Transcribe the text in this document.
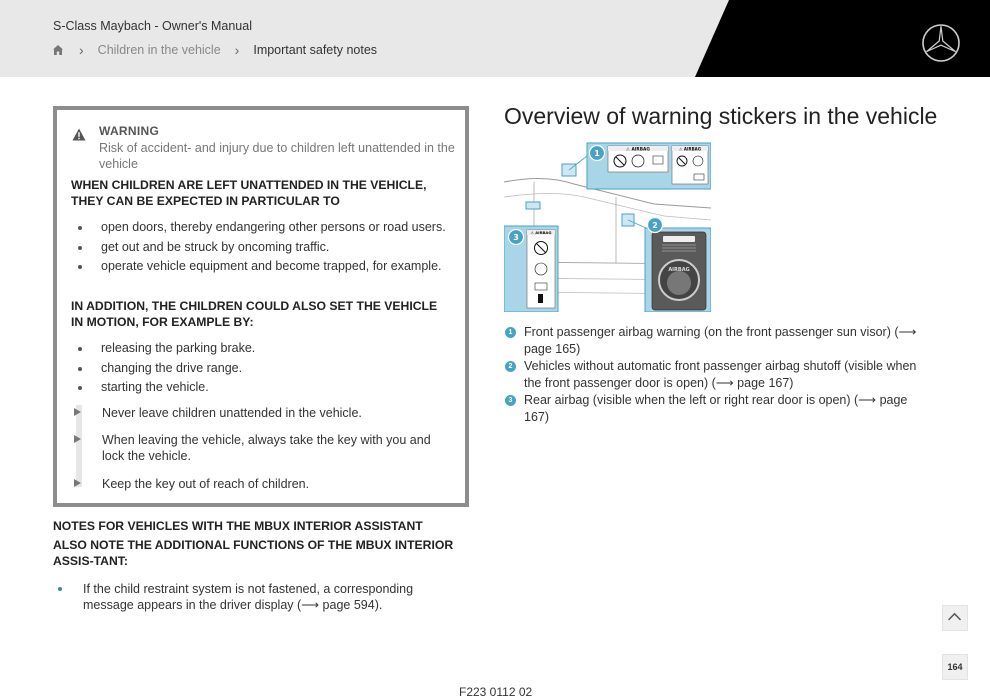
S-Class Maybach - Owner's Manual
› Children in the vehicle › Important safety notes
WARNING
Risk of accident- and injury due to children left unattended in the vehicle
WHEN CHILDREN ARE LEFT UNATTENDED IN THE VEHICLE, THEY CAN BE EXPECTED IN PARTICULAR TO
open doors, thereby endangering other persons or road users.
get out and be struck by oncoming traffic.
operate vehicle equipment and become trapped, for example.
IN ADDITION, THE CHILDREN COULD ALSO SET THE VEHICLE IN MOTION, FOR EXAMPLE BY:
releasing the parking brake.
changing the drive range.
starting the vehicle.
Never leave children unattended in the vehicle.
When leaving the vehicle, always take the key with you and lock the vehicle.
Keep the key out of reach of children.
NOTES FOR VEHICLES WITH THE MBUX INTERIOR ASSISTANT
ALSO NOTE THE ADDITIONAL FUNCTIONS OF THE MBUX INTERIOR ASSIS-TANT:
If the child restraint system is not fastened, a corresponding message appears in the driver display (⟶ page 594).
Overview of warning stickers in the vehicle
⚠ AIRBAG	⚠ AIRBAG
1
⚠ AIRBAG
3
AIRBAG
2
1 Front passenger airbag warning (on the front passenger sun visor) (⟶ page 165)
2 Vehicles without automatic front passenger airbag shutoff (visible when the front passenger door is open) (⟶ page 167)
3 Rear airbag (visible when the left or right rear door is open) (⟶ page 167)
164
F223 0112 02
